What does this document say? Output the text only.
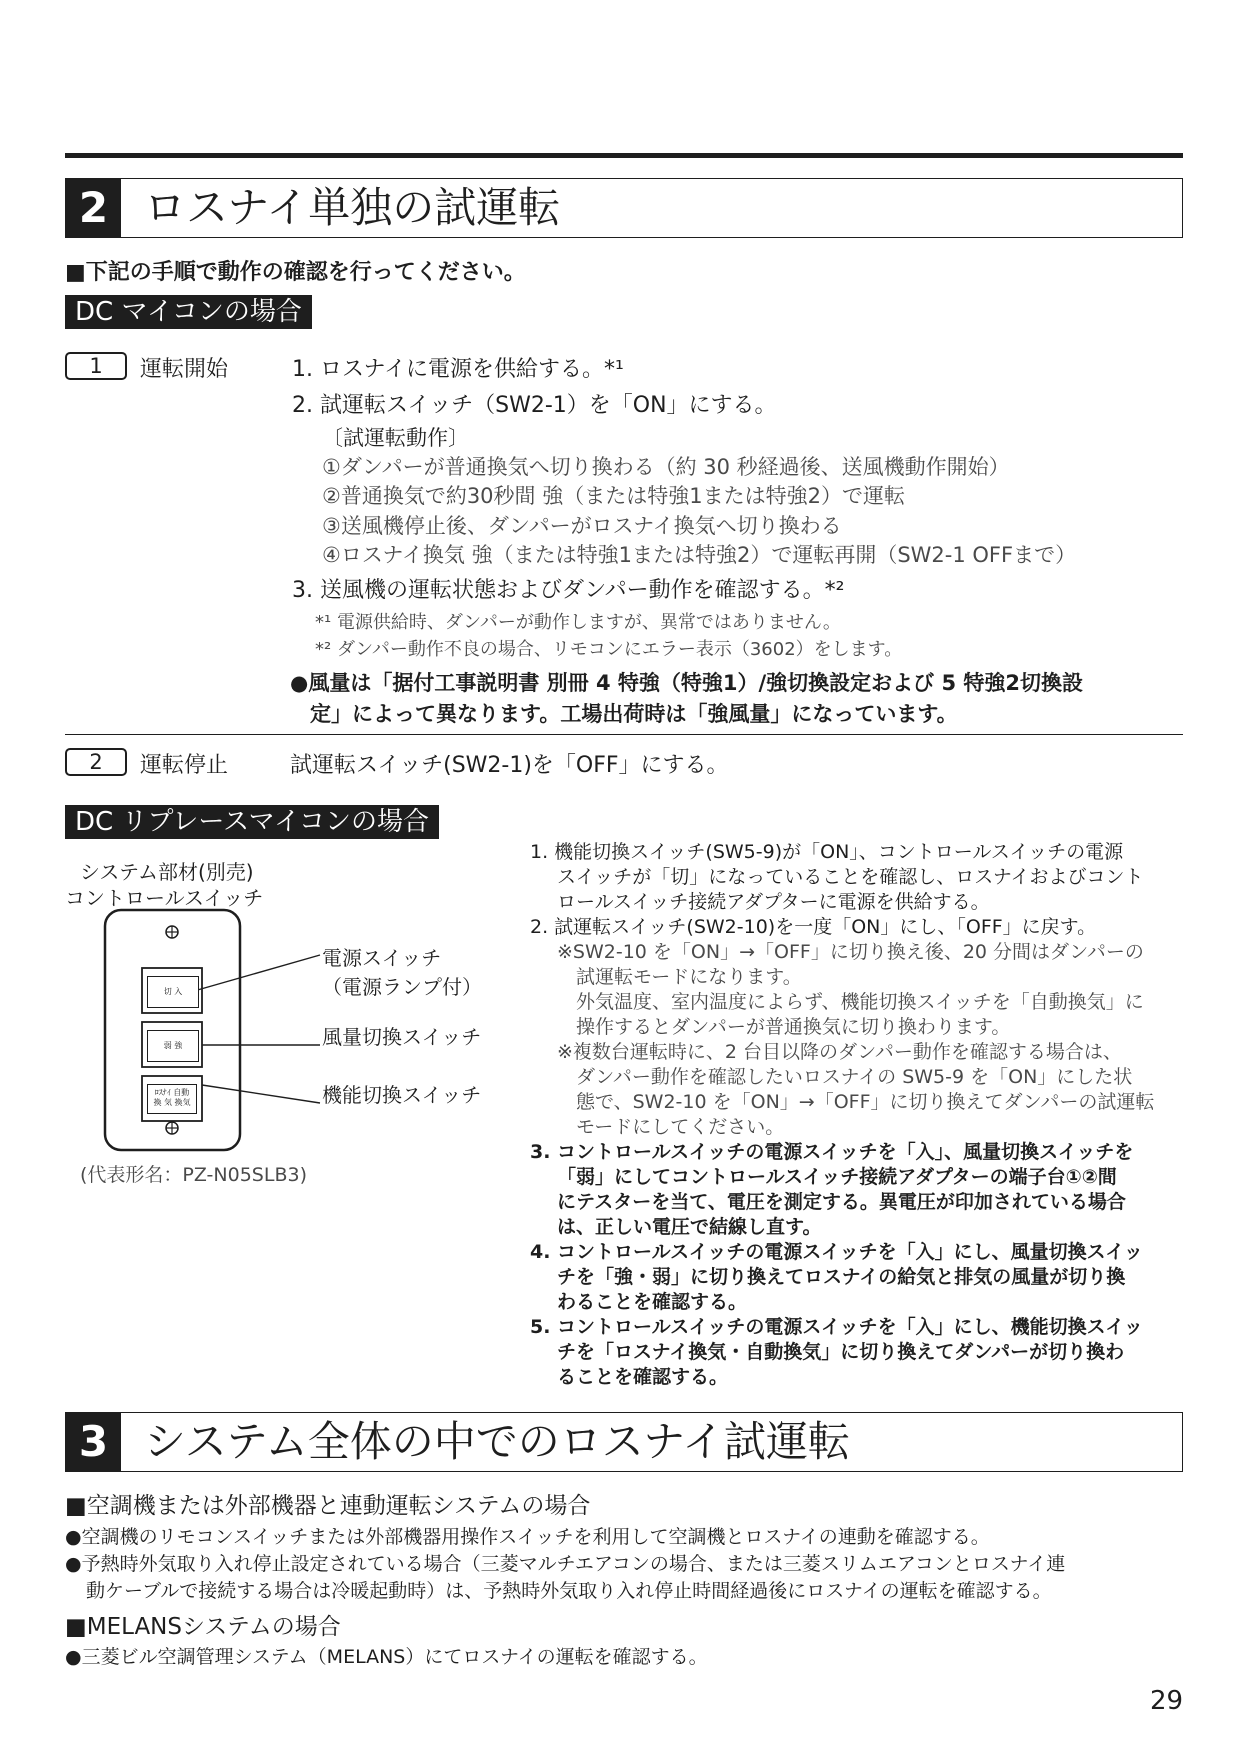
2 ロスナイ単独の試運転
■下記の手順で動作の確認を行ってください。
DC マイコンの場合
1	運転開始	1. ロスナイに電源を供給する。*¹
2. 試運転スイッチ（SW2-1）を「ON」にする。
〔試運転動作〕
①ダンパーが普通換気へ切り換わる（約 30 秒経過後、送風機動作開始）
②普通換気で約30秒間 強（または特強1または特強2）で運転
③送風機停止後、ダンパーがロスナイ換気へ切り換わる
④ロスナイ換気 強（または特強1または特強2）で運転再開（SW2-1 OFFまで）
3. 送風機の運転状態およびダンパー動作を確認する。*²
*¹ 電源供給時、ダンパーが動作しますが、異常ではありません。
*² ダンパー動作不良の場合、リモコンにエラー表示（3602）をします。
●風量は「据付工事説明書 別冊 4 特強（特強1）/強切換設定および 5 特強2切換設
定」によって異なります。工場出荷時は「強風量」になっています。
2	運転停止	試運転スイッチ(SW2-1)を「OFF」にする。
DC リプレースマイコンの場合
システム部材(別売)
コントロールスイッチ
切 入
弱 強
ﾛｽﾅｲ 自動
換 気 換気
電源スイッチ
（電源ランプ付）
風量切換スイッチ
機能切換スイッチ
(代表形名：PZ-N05SLB3)
1. 機能切換スイッチ(SW5-9)が「ON」、コントロールスイッチの電源
スイッチが「切」になっていることを確認し、ロスナイおよびコント
ロールスイッチ接続アダプターに電源を供給する。
2. 試運転スイッチ(SW2-10)を一度「ON」にし、「OFF」に戻す。
※SW2-10 を「ON」→「OFF」に切り換え後、20 分間はダンパーの
試運転モードになります。
外気温度、室内温度によらず、機能切換スイッチを「自動換気」に
操作するとダンパーが普通換気に切り換わります。
※複数台運転時に、2 台目以降のダンパー動作を確認する場合は、
ダンパー動作を確認したいロスナイの SW5-9 を「ON」にした状
態で、SW2-10 を「ON」→「OFF」に切り換えてダンパーの試運転
モードにしてください。
3. コントロールスイッチの電源スイッチを「入」、風量切換スイッチを
「弱」にしてコントロールスイッチ接続アダプターの端子台①②間
にテスターを当て、電圧を測定する。異電圧が印加されている場合
は、正しい電圧で結線し直す。
4. コントロールスイッチの電源スイッチを「入」にし、風量切換スイッ
チを「強・弱」に切り換えてロスナイの給気と排気の風量が切り換
わることを確認する。
5. コントロールスイッチの電源スイッチを「入」にし、機能切換スイッ
チを「ロスナイ換気・自動換気」に切り換えてダンパーが切り換わ
ることを確認する。
3 システム全体の中でのロスナイ試運転
■空調機または外部機器と連動運転システムの場合
●空調機のリモコンスイッチまたは外部機器用操作スイッチを利用して空調機とロスナイの連動を確認する。
●予熱時外気取り入れ停止設定されている場合（三菱マルチエアコンの場合、または三菱スリムエアコンとロスナイ連
動ケーブルで接続する場合は冷暖起動時）は、予熱時外気取り入れ停止時間経過後にロスナイの運転を確認する。
■MELANSシステムの場合
●三菱ビル空調管理システム（MELANS）にてロスナイの運転を確認する。
29
